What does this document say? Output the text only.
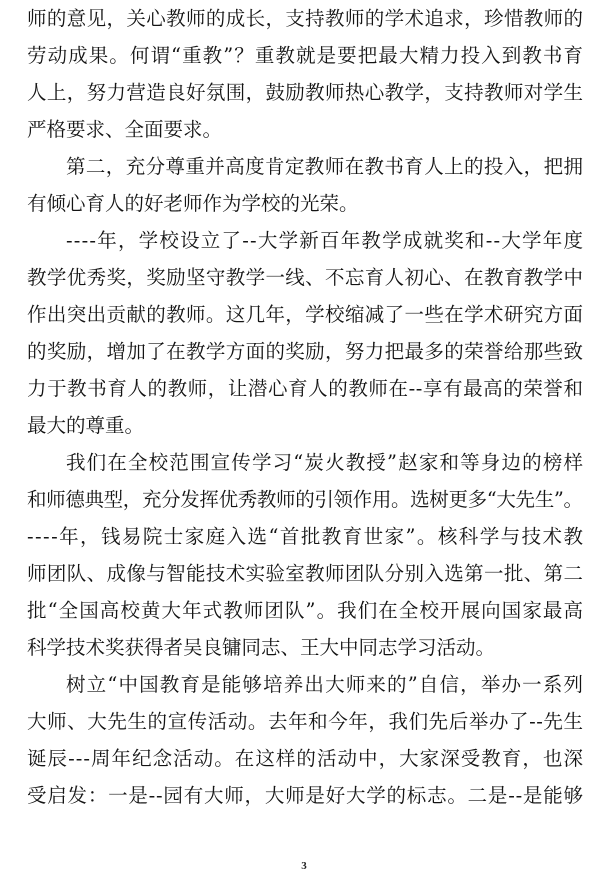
师的意见，关心教师的成长，支持教师的学术追求，珍惜教师的
劳动成果。何谓“重教”？重教就是要把最大精力投入到教书育
人上，努力营造良好氛围，鼓励教师热心教学，支持教师对学生
严格要求、全面要求。
第二，充分尊重并高度肯定教师在教书育人上的投入，把拥
有倾心育人的好老师作为学校的光荣。
----年，学校设立了--大学新百年教学成就奖和--大学年度
教学优秀奖，奖励坚守教学一线、不忘育人初心、在教育教学中
作出突出贡献的教师。这几年，学校缩减了一些在学术研究方面
的奖励，增加了在教学方面的奖励，努力把最多的荣誉给那些致
力于教书育人的教师，让潜心育人的教师在--享有最高的荣誉和
最大的尊重。
我们在全校范围宣传学习“炭火教授”赵家和等身边的榜样
和师德典型，充分发挥优秀教师的引领作用。选树更多“大先生”。
----年，钱易院士家庭入选“首批教育世家”。核科学与技术教
师团队、成像与智能技术实验室教师团队分别入选第一批、第二
批“全国高校黄大年式教师团队”。我们在全校开展向国家最高
科学技术奖获得者吴良镛同志、王大中同志学习活动。
树立“中国教育是能够培养出大师来的”自信，举办一系列
大师、大先生的宣传活动。去年和今年，我们先后举办了--先生
诞辰---周年纪念活动。在这样的活动中，大家深受教育，也深
受启发：一是--园有大师，大师是好大学的标志。二是--是能够
3
